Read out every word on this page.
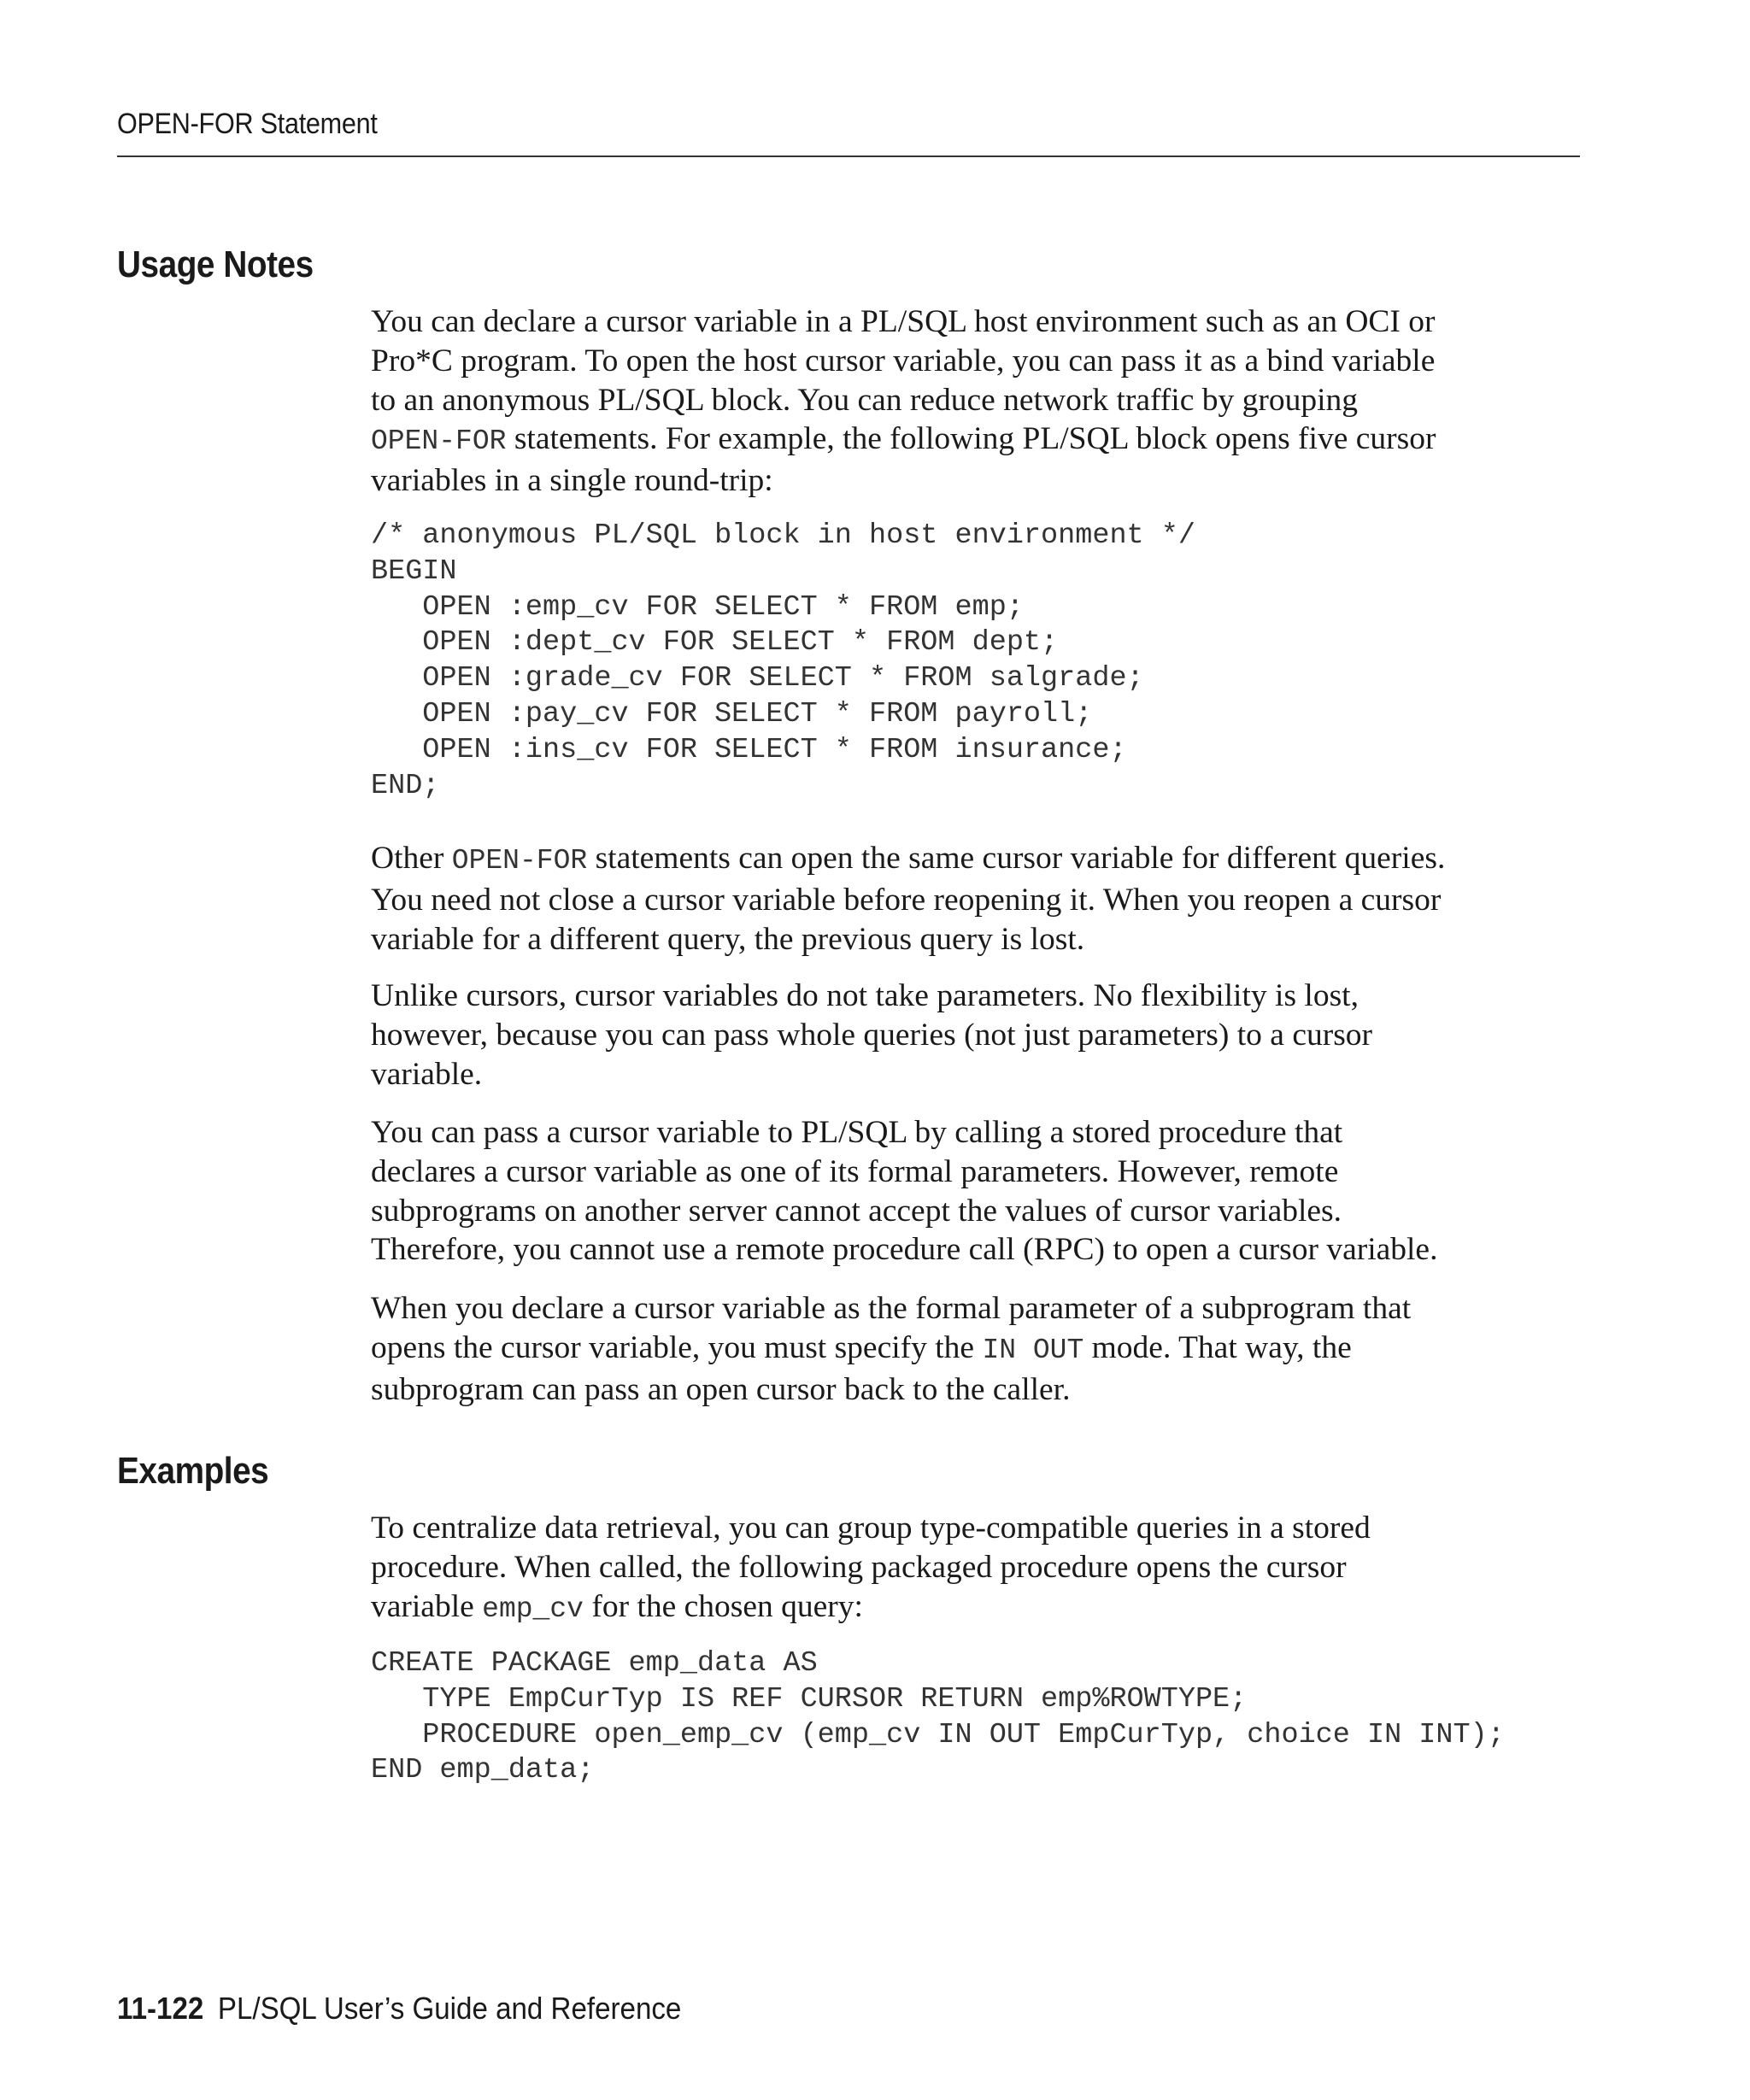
OPEN-FOR Statement
Usage Notes

You can declare a cursor variable in a PL/SQL host environment such as an OCI or
Pro*C program. To open the host cursor variable, you can pass it as a bind variable
to an anonymous PL/SQL block. You can reduce network traffic by grouping
OPEN-FOR statements. For example, the following PL/SQL block opens five cursor
variables in a single round-trip:

/* anonymous PL/SQL block in host environment */
BEGIN
OPEN :emp_cv FOR SELECT * FROM emp;
OPEN :dept_cv FOR SELECT * FROM dept;
OPEN :grade_cv FOR SELECT * FROM salgrade;
OPEN :pay_cv FOR SELECT * FROM payroll;
OPEN :ins_cv FOR SELECT * FROM insurance;
END;

Other OPEN-FOR statements can open the same cursor variable for different queries.
You need not close a cursor variable before reopening it. When you reopen a cursor
variable for a different query, the previous query is lost.

Unlike cursors, cursor variables do not take parameters. No flexibility is lost,
however, because you can pass whole queries (not just parameters) to a cursor
variable.

You can pass a cursor variable to PL/SQL by calling a stored procedure that
declares a cursor variable as one of its formal parameters. However, remote
subprograms on another server cannot accept the values of cursor variables.
Therefore, you cannot use a remote procedure call (RPC) to open a cursor variable.

When you declare a cursor variable as the formal parameter of a subprogram that
opens the cursor variable, you must specify the IN OUT mode. That way, the
subprogram can pass an open cursor back to the caller.

Examples

To centralize data retrieval, you can group type-compatible queries in a stored
procedure. When called, the following packaged procedure opens the cursor
variable emp_cv for the chosen query:

CREATE PACKAGE emp_data AS
TYPE EmpCurTyp IS REF CURSOR RETURN emp%ROWTYPE;
PROCEDURE open_emp_cv (emp_cv IN OUT EmpCurTyp, choice IN INT);
END emp_data;
11-122 PL/SQL User’s Guide and Reference
